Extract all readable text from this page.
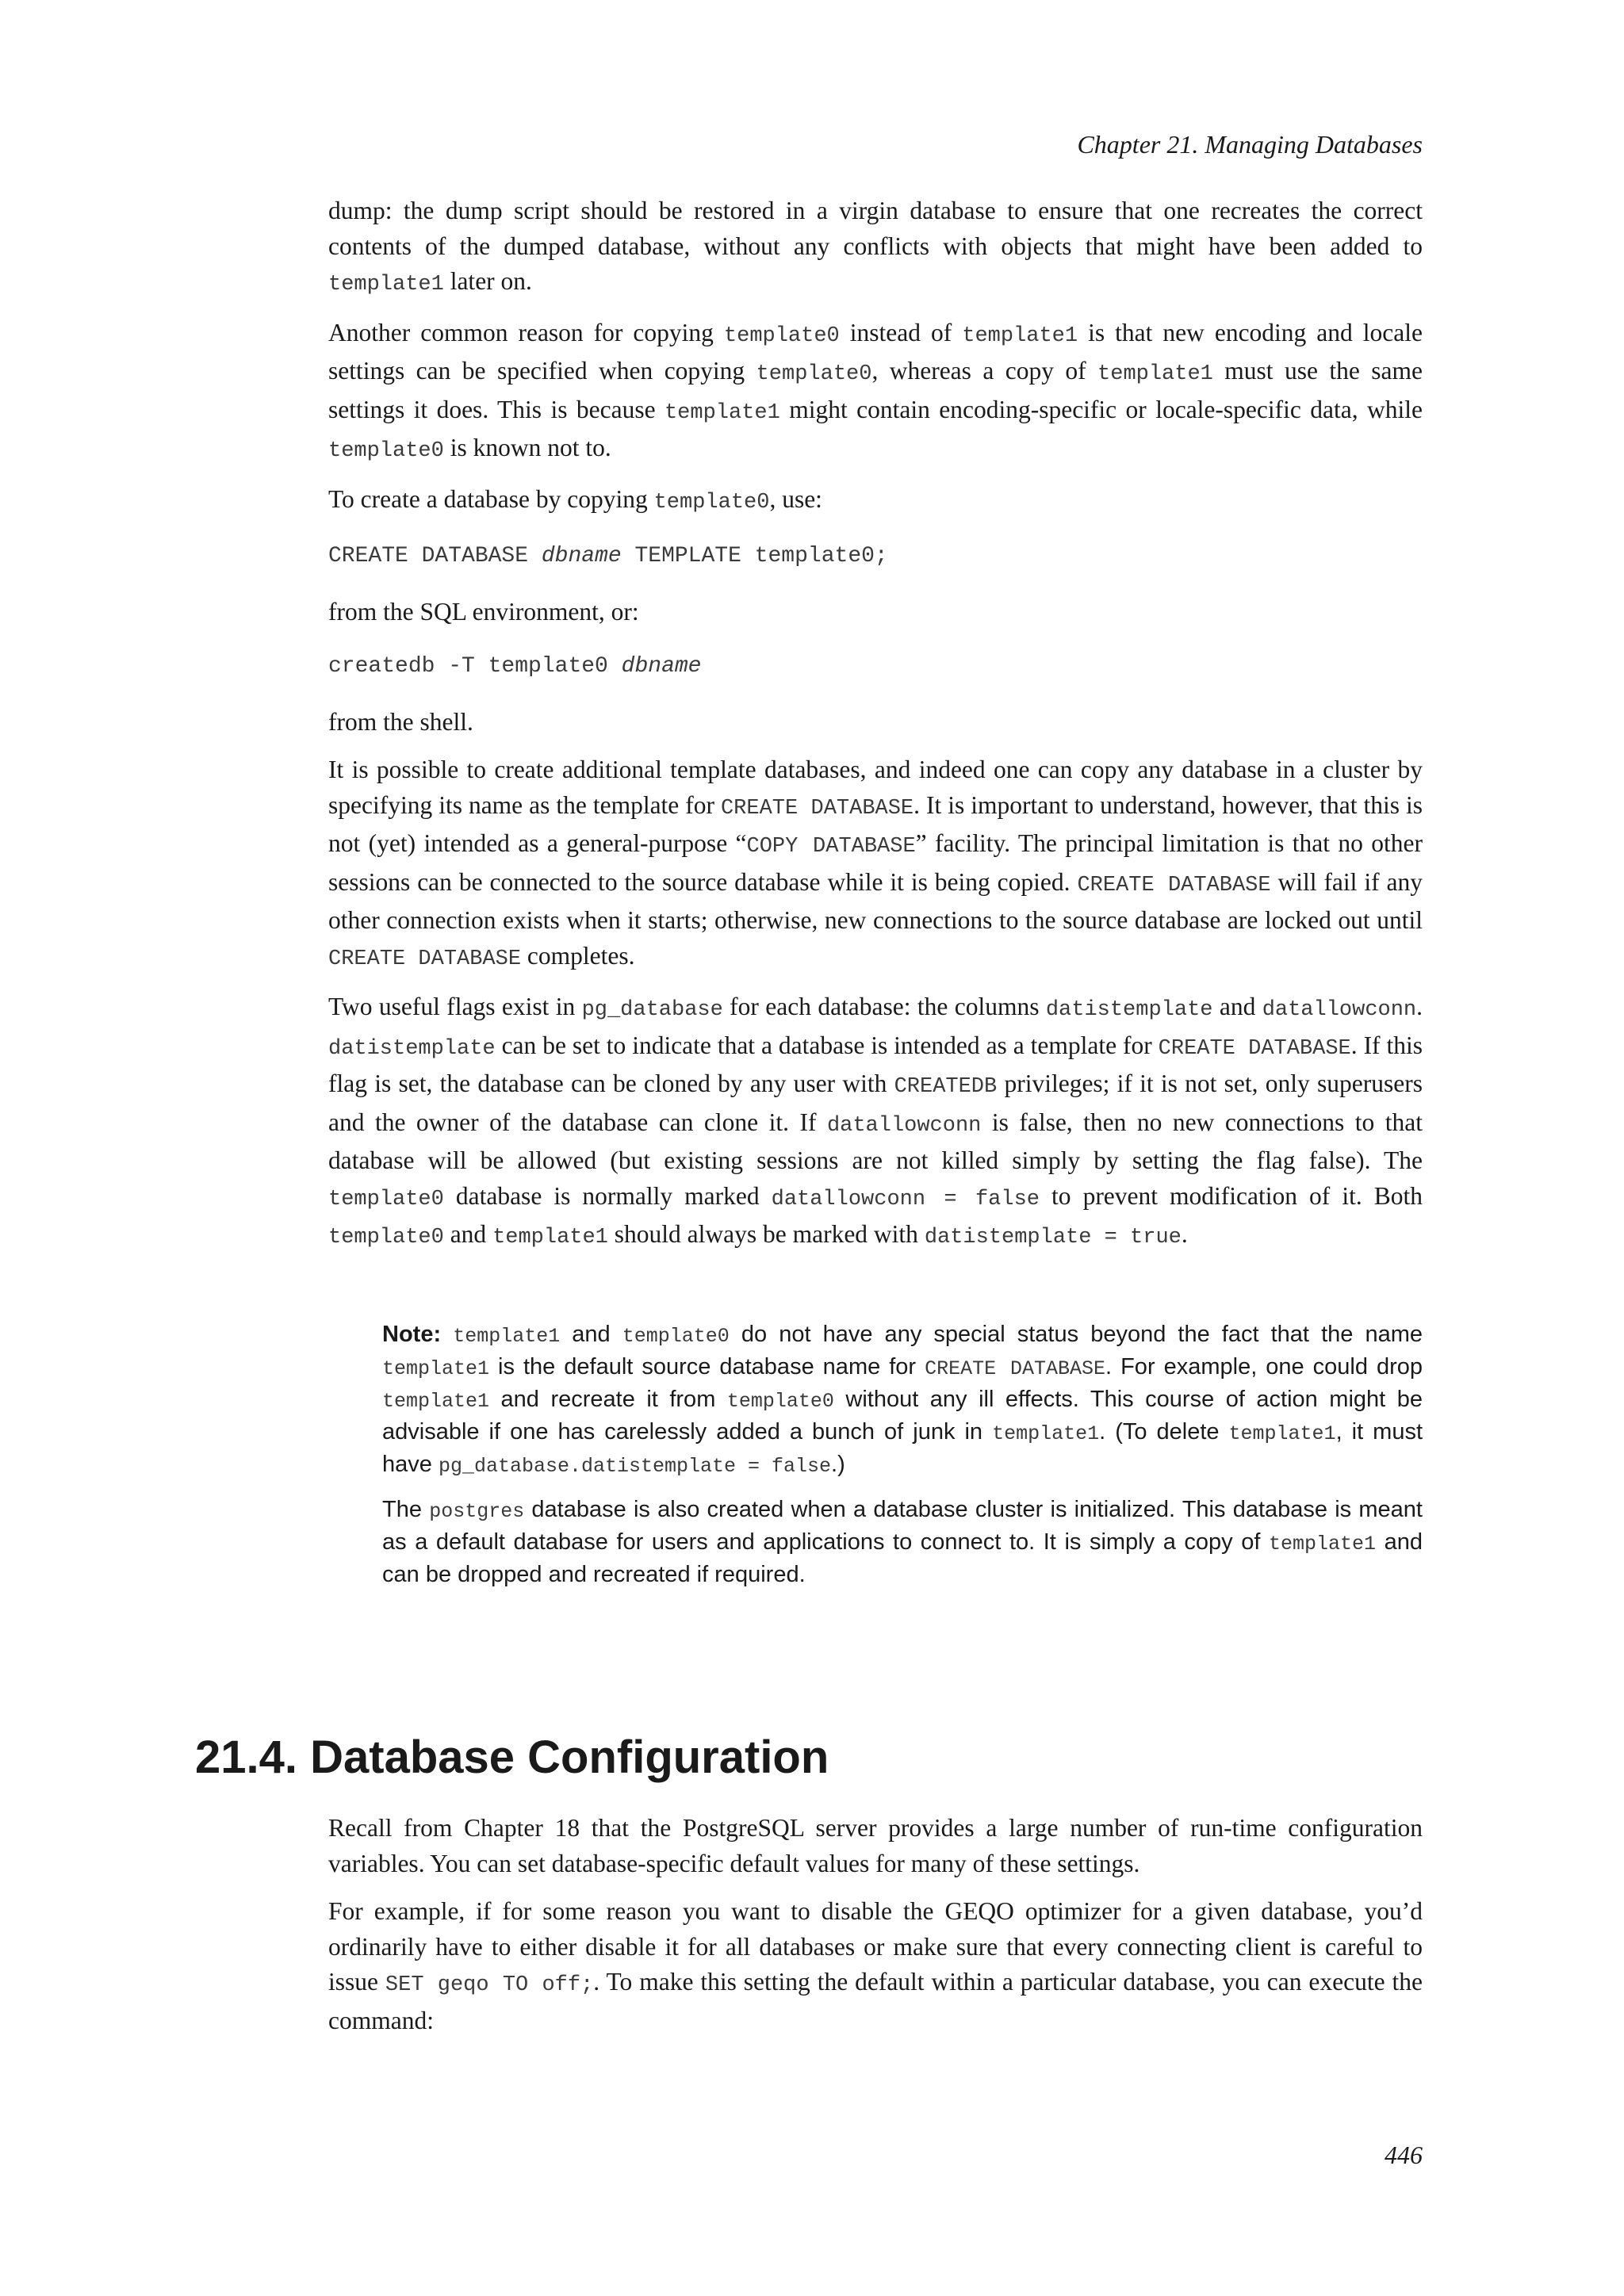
Chapter 21. Managing Databases

dump: the dump script should be restored in a virgin database to ensure that one recreates the correct contents of the dumped database, without any conflicts with objects that might have been added to template1 later on.

Another common reason for copying template0 instead of template1 is that new encoding and locale settings can be specified when copying template0, whereas a copy of template1 must use the same settings it does. This is because template1 might contain encoding-specific or locale-specific data, while template0 is known not to.

To create a database by copying template0, use:

CREATE DATABASE dbname TEMPLATE template0;

from the SQL environment, or:

createdb -T template0 dbname

from the shell.

It is possible to create additional template databases, and indeed one can copy any database in a cluster by specifying its name as the template for CREATE DATABASE. It is important to understand, however, that this is not (yet) intended as a general-purpose “COPY DATABASE” facility. The principal limitation is that no other sessions can be connected to the source database while it is being copied. CREATE DATABASE will fail if any other connection exists when it starts; otherwise, new connections to the source database are locked out until CREATE DATABASE completes.

Two useful flags exist in pg_database for each database: the columns datistemplate and datallowconn. datistemplate can be set to indicate that a database is intended as a template for CREATE DATABASE. If this flag is set, the database can be cloned by any user with CREATEDB privileges; if it is not set, only superusers and the owner of the database can clone it. If datallowconn is false, then no new connections to that database will be allowed (but existing sessions are not killed simply by setting the flag false). The template0 database is normally marked datallowconn = false to prevent modification of it. Both template0 and template1 should always be marked with datistemplate = true.

Note: template1 and template0 do not have any special status beyond the fact that the name template1 is the default source database name for CREATE DATABASE. For example, one could drop template1 and recreate it from template0 without any ill effects. This course of action might be advisable if one has carelessly added a bunch of junk in template1. (To delete template1, it must have pg_database.datistemplate = false.)

The postgres database is also created when a database cluster is initialized. This database is meant as a default database for users and applications to connect to. It is simply a copy of template1 and can be dropped and recreated if required.

21.4. Database Configuration

Recall from Chapter 18 that the PostgreSQL server provides a large number of run-time configuration variables. You can set database-specific default values for many of these settings.

For example, if for some reason you want to disable the GEQO optimizer for a given database, you’d ordinarily have to either disable it for all databases or make sure that every connecting client is careful to issue SET geqo TO off;. To make this setting the default within a particular database, you can execute the command:

446
